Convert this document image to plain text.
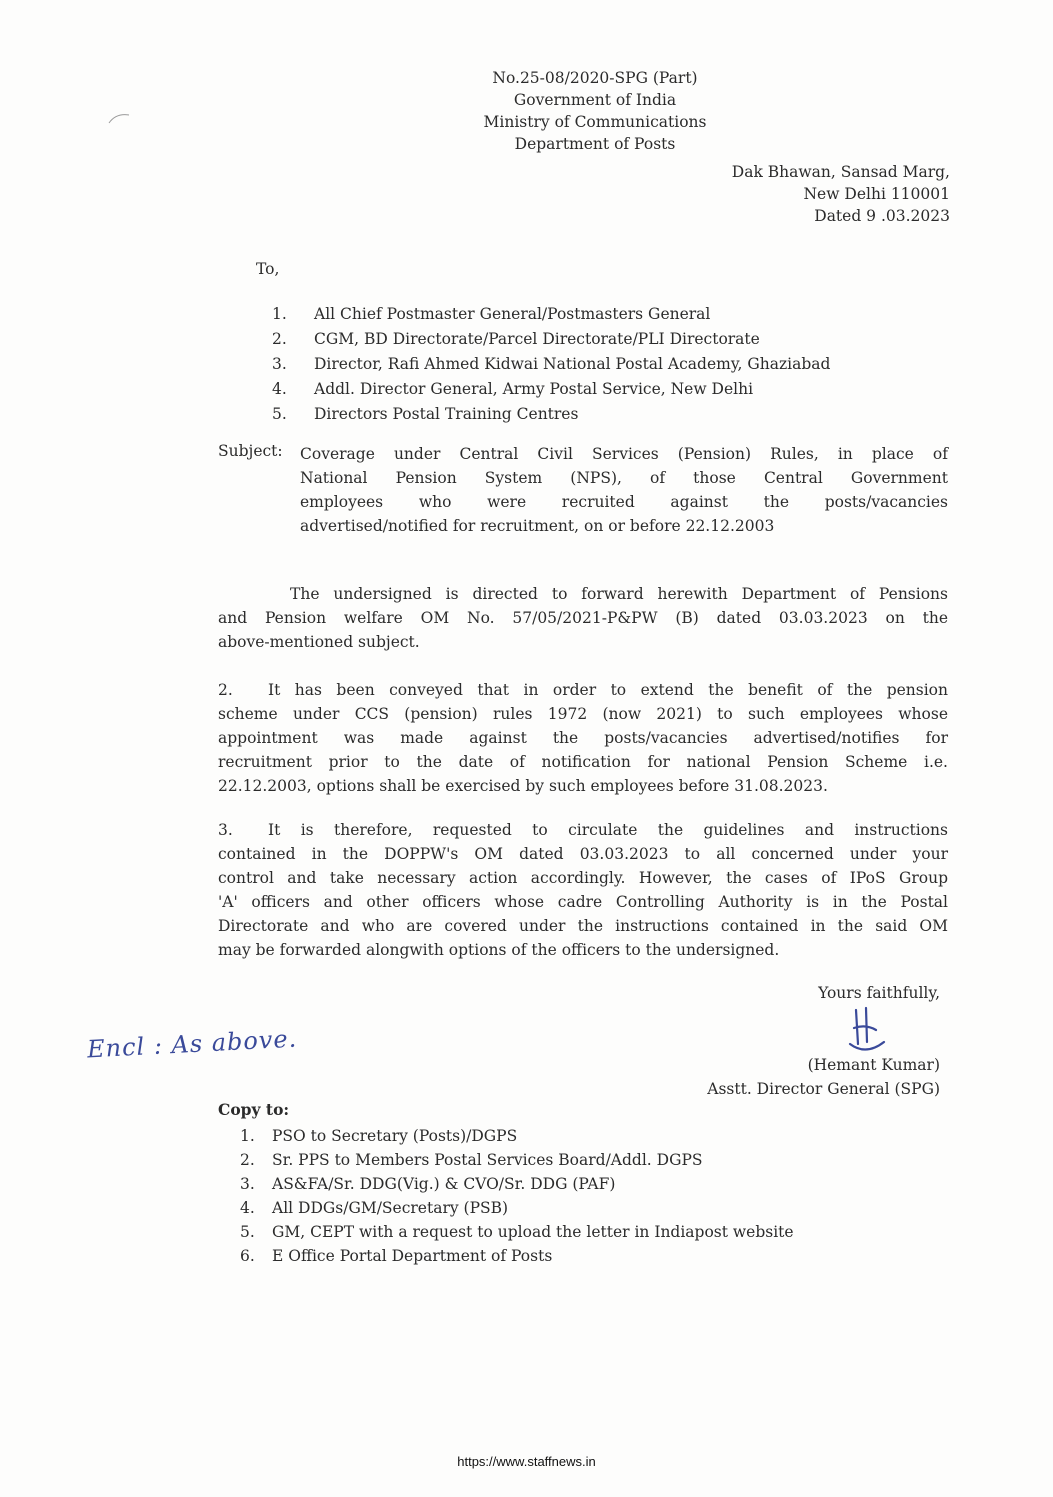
No.25-08/2020-SPG (Part)
Government of India
Ministry of Communications
Department of Posts
Dak Bhawan, Sansad Marg,
New Delhi 110001
Dated 9 .03.2023
To,
1. All Chief Postmaster General/Postmasters General
2. CGM, BD Directorate/Parcel Directorate/PLI Directorate
3. Director, Rafi Ahmed Kidwai National Postal Academy, Ghaziabad
4. Addl. Director General, Army Postal Service, New Delhi
5. Directors Postal Training Centres
Subject: Coverage under Central Civil Services (Pension) Rules, in place of
National Pension System (NPS), of those Central Government
employees who were recruited against the posts/vacancies
advertised/notified for recruitment, on or before 22.12.2003
The undersigned is directed to forward herewith Department of Pensions
and Pension welfare OM No. 57/05/2021-P&PW (B) dated 03.03.2023 on the
above-mentioned subject.
2. It has been conveyed that in order to extend the benefit of the pension
scheme under CCS (pension) rules 1972 (now 2021) to such employees whose
appointment was made against the posts/vacancies advertised/notifies for
recruitment prior to the date of notification for national Pension Scheme i.e.
22.12.2003, options shall be exercised by such employees before 31.08.2023.
3. It is therefore, requested to circulate the guidelines and instructions
contained in the DOPPW's OM dated 03.03.2023 to all concerned under your
control and take necessary action accordingly. However, the cases of IPoS Group
'A' officers and other officers whose cadre Controlling Authority is in the Postal
Directorate and who are covered under the instructions contained in the said OM
may be forwarded alongwith options of the officers to the undersigned.
Yours faithfully,
Encl : As above.
(Hemant Kumar)
Asstt. Director General (SPG)
Copy to:
1. PSO to Secretary (Posts)/DGPS
2. Sr. PPS to Members Postal Services Board/Addl. DGPS
3. AS&FA/Sr. DDG(Vig.) & CVO/Sr. DDG (PAF)
4. All DDGs/GM/Secretary (PSB)
5. GM, CEPT with a request to upload the letter in Indiapost website
6. E Office Portal Department of Posts
https://www.staffnews.in
